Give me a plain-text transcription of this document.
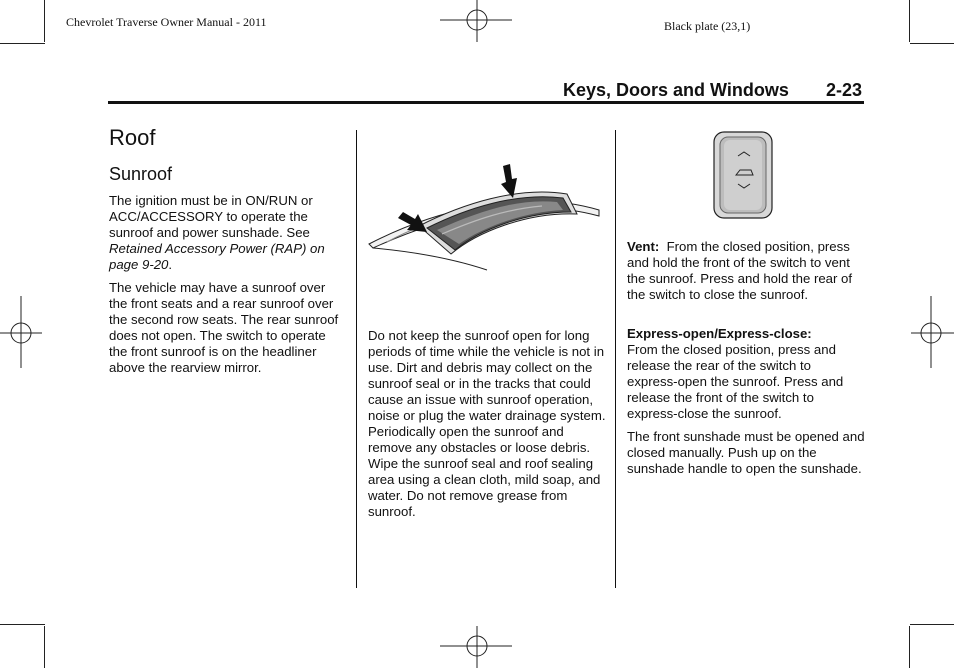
Chevrolet Traverse Owner Manual - 2011	Black plate (23,1)
Keys, Doors and Windows 2-23
Roof
Sunroof

The ignition must be in ON/RUN or ACC/ACCESSORY to operate the sunroof and power sunshade. See Retained Accessory Power (RAP) on page 9-20.

The vehicle may have a sunroof over the front seats and a rear sunroof over the second row seats. The rear sunroof does not open. The switch to operate the front sunroof is on the headliner above the rearview mirror.

Do not keep the sunroof open for long periods of time while the vehicle is not in use. Dirt and debris may collect on the sunroof seal or in the tracks that could cause an issue with sunroof operation, noise or plug the water drainage system. Periodically open the sunroof and remove any obstacles or loose debris. Wipe the sunroof seal and roof sealing area using a clean cloth, mild soap, and water. Do not remove grease from sunroof.

Vent: From the closed position, press and hold the front of the switch to vent the sunroof. Press and hold the rear of the switch to close the sunroof.

Express-open/Express-close:
From the closed position, press and release the rear of the switch to express-open the sunroof. Press and release the front of the switch to express-close the sunroof.

The front sunshade must be opened and closed manually. Push up on the sunshade handle to open the sunshade.
